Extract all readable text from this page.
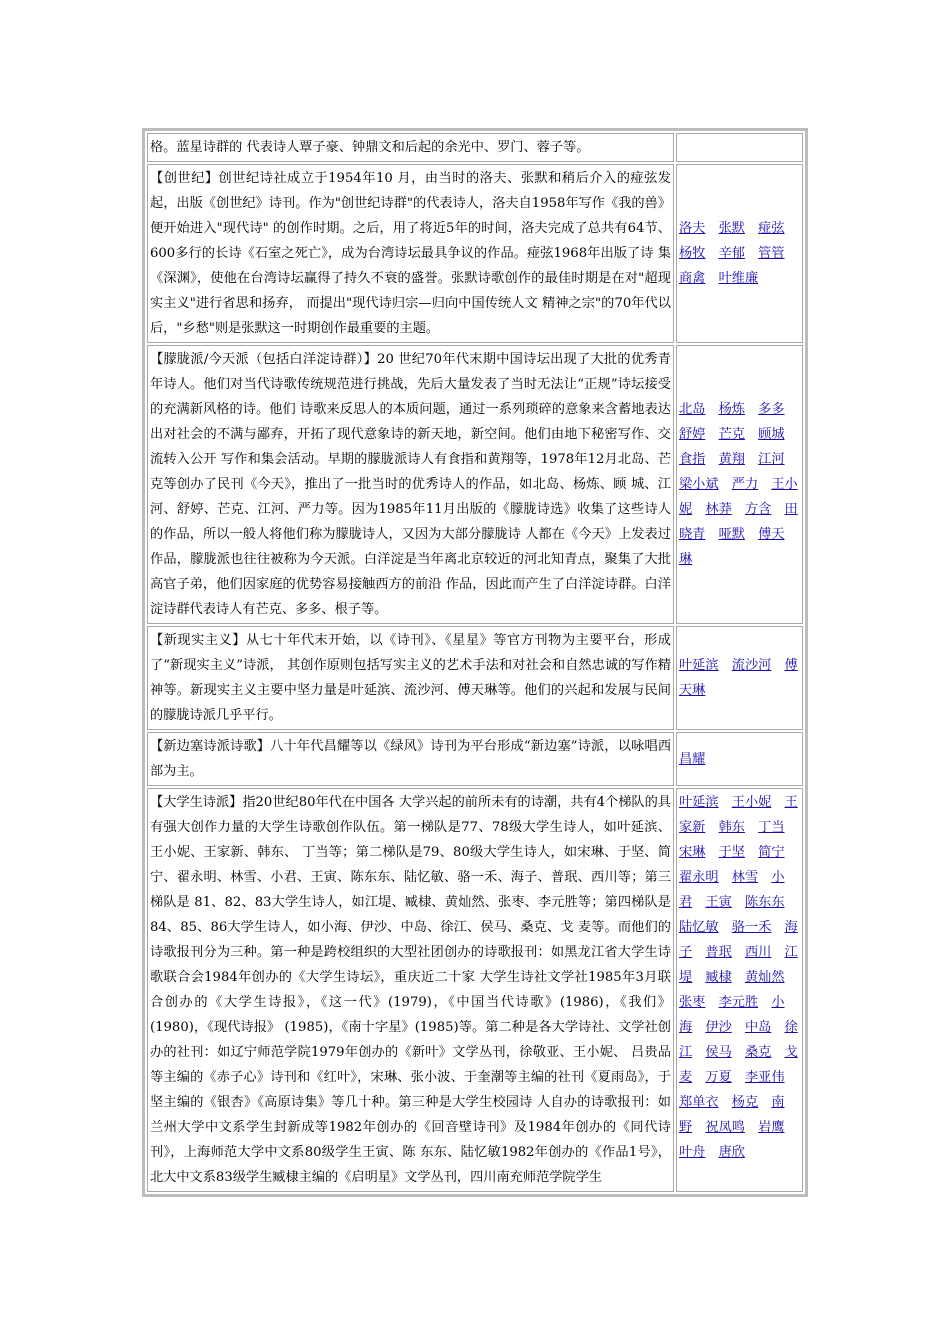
格。蓝星诗群的 代表诗人覃子豪、钟鼎文和后起的余光中、罗门、蓉子等。	
【创世纪】创世纪诗社成立于1954年10 月，由当时的洛夫、张默和稍后介入的痖弦发起，出版《创世纪》诗刊。作为"创世纪诗群"的代表诗人，洛夫自1958年写作《我的兽》便开始进入"现代诗" 的创作时期。之后，用了将近5年的时间，洛夫完成了总共有64节、600多行的长诗《石室之死亡》，成为台湾诗坛最具争议的作品。痖弦1968年出版了诗 集《深渊》，使他在台湾诗坛赢得了持久不衰的盛誉。张默诗歌创作的最佳时期是在对"超现实主义"进行省思和扬弃， 而提出"现代诗归宗—归向中国传统人文 精神之宗"的70年代以后，"乡愁"则是张默这一时期创作最重要的主题。	洛夫 张默 痖弦 杨牧 辛郁 管管 商禽 叶维廉
【朦胧派/今天派（包括白洋淀诗群）】20 世纪70年代末期中国诗坛出现了大批的优秀青年诗人。他们对当代诗歌传统规范进行挑战，先后大量发表了当时无法让“正规”诗坛接受的充满新风格的诗。他们 诗歌来反思人的本质问题，通过一系列琐碎的意象来含蓄地表达出对社会的不满与鄙弃，开拓了现代意象诗的新天地，新空间。他们由地下秘密写作、交流转入公开 写作和集会活动。早期的朦胧派诗人有食指和黄翔等，1978年12月北岛、芒克等创办了民刊《今天》，推出了一批当时的优秀诗人的作品，如北岛、杨炼、顾 城、江河、舒婷、芒克、江河、严力等。因为1985年11月出版的《朦胧诗选》收集了这些诗人的作品，所以一般人将他们称为朦胧诗人，又因为大部分朦胧诗 人都在《今天》上发表过作品，朦胧派也往往被称为今天派。白洋淀是当年离北京较近的河北知青点，聚集了大批高官子弟，他们因家庭的优势容易接触西方的前沿 作品，因此而产生了白洋淀诗群。白洋淀诗群代表诗人有芒克、多多、根子等。	北岛 杨炼 多多 舒婷 芒克 顾城 食指 黄翔 江河 梁小斌 严力 王小妮 林莽 方含 田晓青 哑默 傅天琳
【新现实主义】从七十年代末开始，以《诗刊》、《星星》等官方刊物为主要平台，形成了“新现实主义”诗派， 其创作原则包括写实主义的艺术手法和对社会和自然忠诚的写作精神等。新现实主义主要中坚力量是叶延滨、流沙河、傅天琳等。他们的兴起和发展与民间的朦胧诗派几乎平行。	叶延滨 流沙河 傅天琳
【新边塞诗派诗歌】八十年代昌耀等以《绿风》诗刊为平台形成“新边塞”诗派，以咏唱西部为主。	昌耀
【大学生诗派】指20世纪80年代在中国各 大学兴起的前所未有的诗潮，共有4个梯队的具有强大创作力量的大学生诗歌创作队伍。第一梯队是77、78级大学生诗人，如叶延滨、王小妮、王家新、韩东、 丁当等；第二梯队是79、80级大学生诗人，如宋琳、于坚、简宁、翟永明、林雪、小君、王寅、陈东东、陆忆敏、骆一禾、海子、普珉、西川等；第三梯队是 81、82、83大学生诗人，如江堤、臧棣、黄灿然、张枣、李元胜等；第四梯队是84、85、86大学生诗人，如小海、伊沙、中岛、徐江、侯马、桑克、戈 麦等。而他们的诗歌报刊分为三种。第一种是跨校组织的大型社团创办的诗歌报刊：如黑龙江省大学生诗歌联合会1984年创办的《大学生诗坛》，重庆近二十家 大学生诗社文学社1985年3月联合创办的《大学生诗报》，《这一代》(1979)，《中国当代诗歌》(1986)，《我们》(1980)，《现代诗报》 (1985)，《南十字星》(1985)等。第二种是各大学诗社、文学社创办的社刊：如辽宁师范学院1979年创办的《新叶》文学丛刊，徐敬亚、王小妮、 吕贵品等主编的《赤子心》诗刊和《红叶》，宋琳、张小波、于奎潮等主编的社刊《夏雨岛》，于坚主编的《银杏》《高原诗集》等几十种。第三种是大学生校园诗 人自办的诗歌报刊：如兰州大学中文系学生封新成等1982年创办的《回音壁诗刊》及1984年创办的《同代诗刊》，上海师范大学中文系80级学生王寅、陈 东东、陆忆敏1982年创办的《作品1号》，北大中文系83级学生臧棣主编的《启明星》文学丛刊，四川南充师范学院学生	叶延滨 王小妮 王家新 韩东 丁当 宋琳 于坚 简宁 翟永明 林雪 小君 王寅 陈东东 陆忆敏 骆一禾 海子 普珉 西川 江堤 臧棣 黄灿然 张枣 李元胜 小海 伊沙 中岛 徐江 侯马 桑克 戈麦 万夏 李亚伟 郑单衣 杨克 南野 祝凤鸣 岩鹰 叶舟 唐欣
